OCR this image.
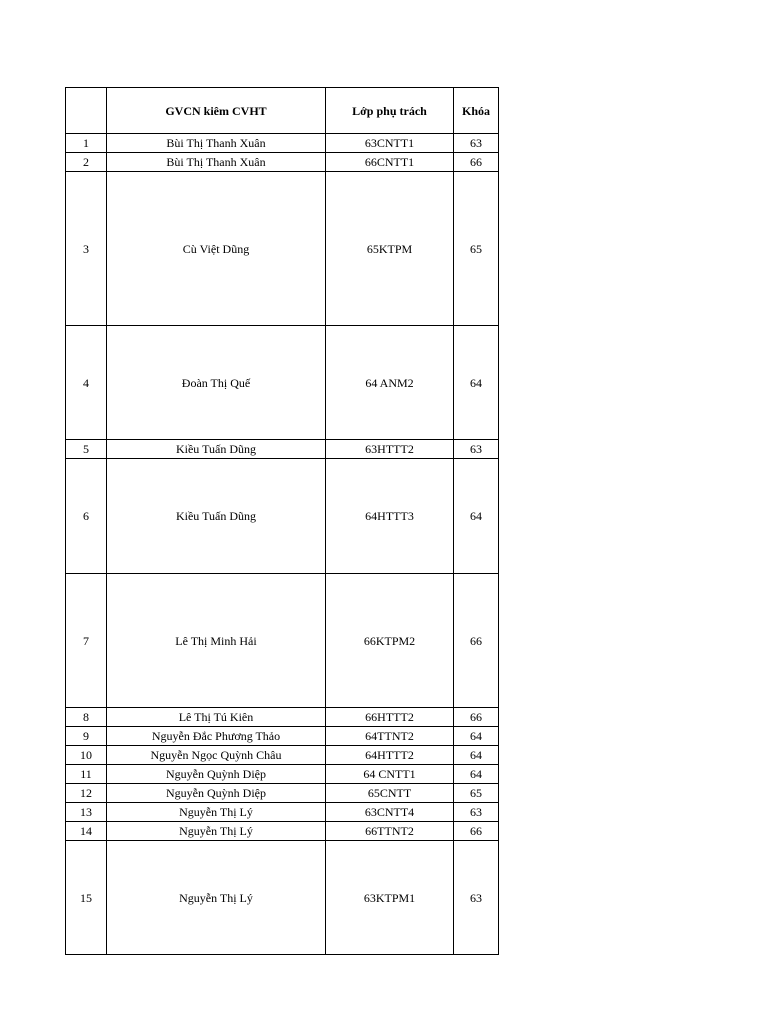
	GVCN kiêm CVHT	Lớp phụ trách	Khóa
1	Bùi Thị Thanh Xuân	63CNTT1	63
2	Bùi Thị Thanh Xuân	66CNTT1	66
3	Cù Việt Dũng	65KTPM	65
4	Đoàn Thị Quế	64 ANM2	64
5	Kiều Tuấn Dũng	63HTTT2	63
6	Kiều Tuấn Dũng	64HTTT3	64
7	Lê Thị Minh Hải	66KTPM2	66
8	Lê Thị Tú Kiên	66HTTT2	66
9	Nguyễn Đắc Phương Thảo	64TTNT2	64
10	Nguyễn Ngọc Quỳnh Châu	64HTTT2	64
11	Nguyễn Quỳnh Diệp	64 CNTT1	64
12	Nguyễn Quỳnh Diệp	65CNTT	65
13	Nguyễn Thị Lý	63CNTT4	63
14	Nguyễn Thị Lý	66TTNT2	66
15	Nguyễn Thị Lý	63KTPM1	63
